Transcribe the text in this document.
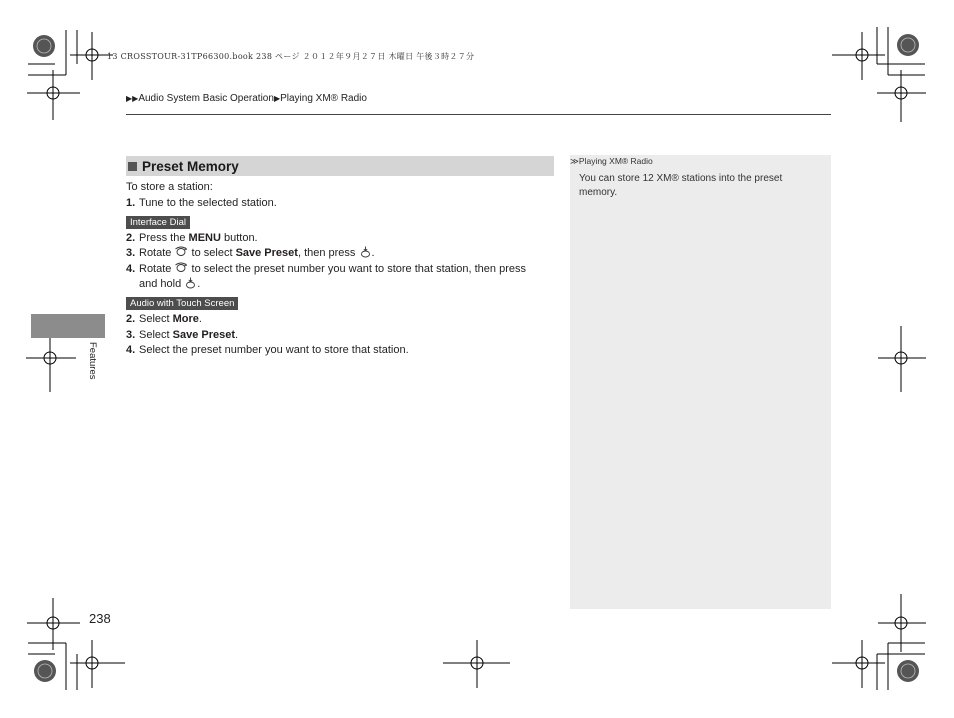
13 CROSSTOUR-31TP66300.book 238 ページ ２０１２年９月２７日 木曜日 午後３時２７分
▶▶Audio System Basic Operation▶Playing XM® Radio
Preset Memory
To store a station:
1. Tune to the selected station.
Interface Dial
2. Press the MENU button.
3. Rotate  to select Save Preset, then press .
4. Rotate  to select the preset number you want to store that station, then press
and hold .
Audio with Touch Screen
2. Select More.
3. Select Save Preset.
4. Select the preset number you want to store that station.
≫Playing XM® Radio
You can store 12 XM® stations into the preset memory.
Features
238
